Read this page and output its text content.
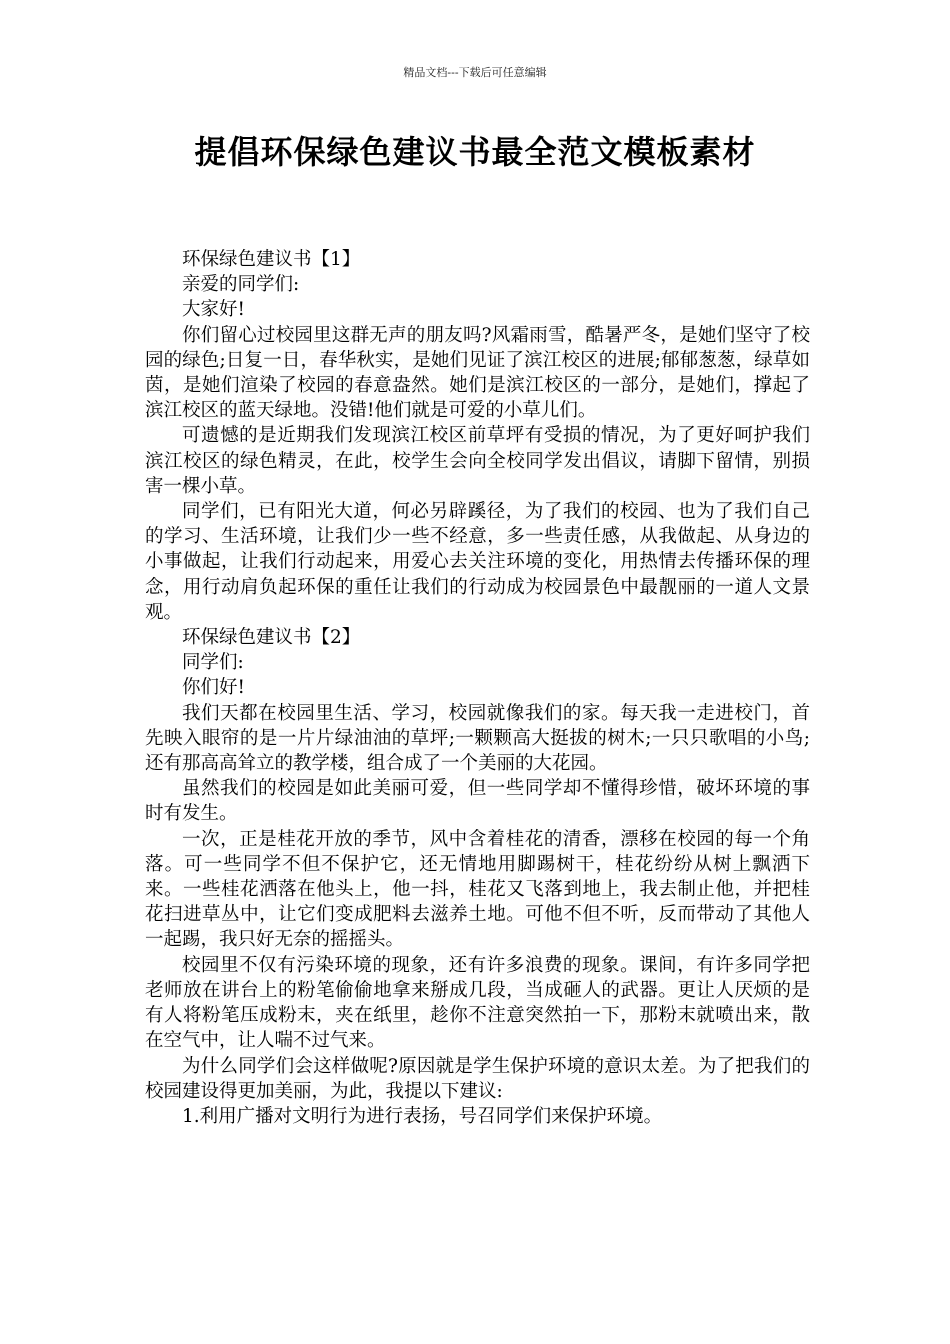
精品文档---下载后可任意编辑
提倡环保绿色建议书最全范文模板素材

环保绿色建议书【1】

亲爱的同学们:

大家好!

你们留心过校园里这群无声的朋友吗?风霜雨雪，酷暑严冬，是她们坚守了校园的绿色;日复一日，春华秋实，是她们见证了滨江校区的进展;郁郁葱葱，绿草如茵，是她们渲染了校园的春意盎然。她们是滨江校区的一部分，是她们，撑起了滨江校区的蓝天绿地。没错!他们就是可爱的小草儿们。

可遗憾的是近期我们发现滨江校区前草坪有受损的情况，为了更好呵护我们滨江校区的绿色精灵，在此，校学生会向全校同学发出倡议，请脚下留情，别损害一棵小草。

同学们，已有阳光大道，何必另辟蹊径，为了我们的校园、也为了我们自己的学习、生活环境，让我们少一些不经意，多一些责任感，从我做起、从身边的小事做起，让我们行动起来，用爱心去关注环境的变化，用热情去传播环保的理念，用行动肩负起环保的重任让我们的行动成为校园景色中最靓丽的一道人文景观。

环保绿色建议书【2】

同学们:

你们好!

我们天都在校园里生活、学习，校园就像我们的家。每天我一走进校门，首先映入眼帘的是一片片绿油油的草坪;一颗颗高大挺拔的树木;一只只歌唱的小鸟;还有那高高耸立的教学楼，组合成了一个美丽的大花园。

虽然我们的校园是如此美丽可爱，但一些同学却不懂得珍惜，破坏环境的事时有发生。

一次，正是桂花开放的季节，风中含着桂花的清香，漂移在校园的每一个角落。可一些同学不但不保护它，还无情地用脚踢树干，桂花纷纷从树上飘洒下来。一些桂花洒落在他头上，他一抖，桂花又飞落到地上，我去制止他，并把桂花扫进草丛中，让它们变成肥料去滋养土地。可他不但不听，反而带动了其他人一起踢，我只好无奈的摇摇头。

校园里不仅有污染环境的现象，还有许多浪费的现象。课间，有许多同学把老师放在讲台上的粉笔偷偷地拿来掰成几段，当成砸人的武器。更让人厌烦的是有人将粉笔压成粉末，夹在纸里，趁你不注意突然拍一下，那粉末就喷出来，散在空气中，让人喘不过气来。

为什么同学们会这样做呢?原因就是学生保护环境的意识太差。为了把我们的校园建设得更加美丽，为此，我提以下建议:

1.利用广播对文明行为进行表扬，号召同学们来保护环境。
